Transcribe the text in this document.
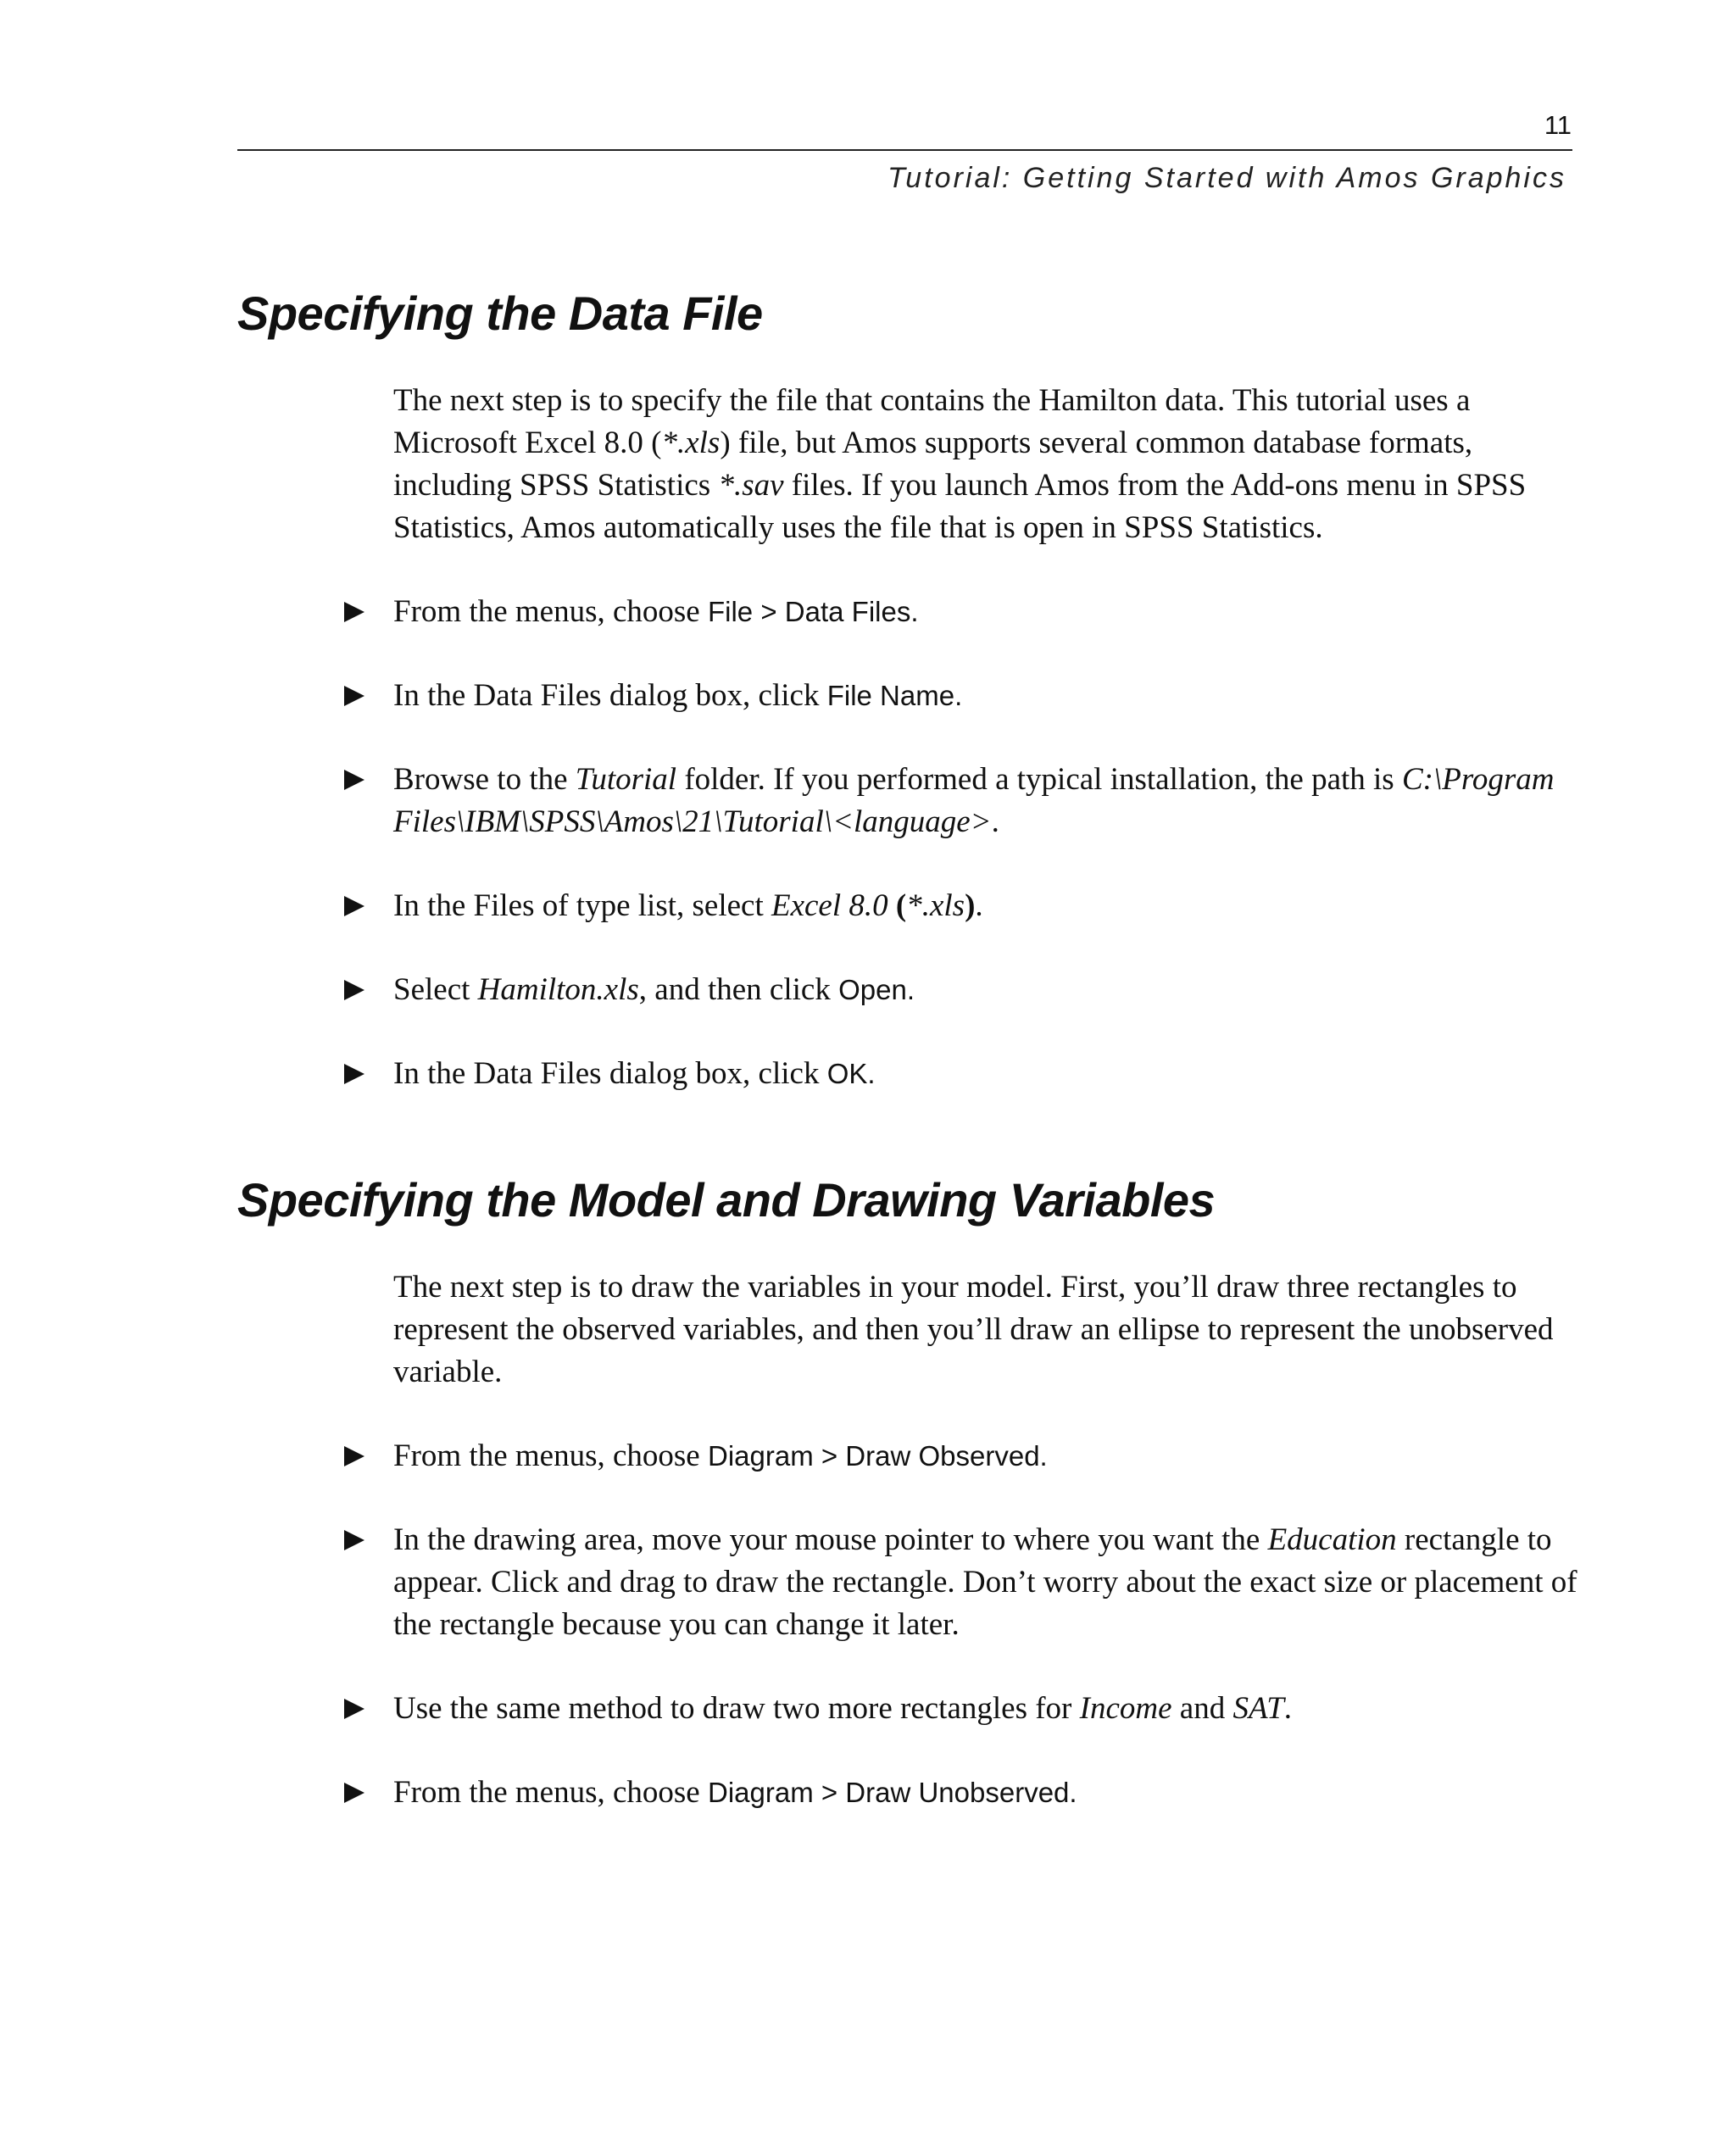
11
Tutorial: Getting Started with Amos Graphics
Specifying the Data File

The next step is to specify the file that contains the Hamilton data. This tutorial uses a Microsoft Excel 8.0 (*.xls) file, but Amos supports several common database formats, including SPSS Statistics *.sav files. If you launch Amos from the Add-ons menu in SPSS Statistics, Amos automatically uses the file that is open in SPSS Statistics.

From the menus, choose File > Data Files.
In the Data Files dialog box, click File Name.
Browse to the Tutorial folder. If you performed a typical installation, the path is C:\Program Files\IBM\SPSS\Amos\21\Tutorial\<language>.
In the Files of type list, select Excel 8.0 (*.xls).
Select Hamilton.xls, and then click Open.
In the Data Files dialog box, click OK.
Specifying the Model and Drawing Variables

The next step is to draw the variables in your model. First, you’ll draw three rectangles to represent the observed variables, and then you’ll draw an ellipse to represent the unobserved variable.

From the menus, choose Diagram > Draw Observed.
In the drawing area, move your mouse pointer to where you want the Education rectangle to appear. Click and drag to draw the rectangle. Don’t worry about the exact size or placement of the rectangle because you can change it later.
Use the same method to draw two more rectangles for Income and SAT.
From the menus, choose Diagram > Draw Unobserved.
